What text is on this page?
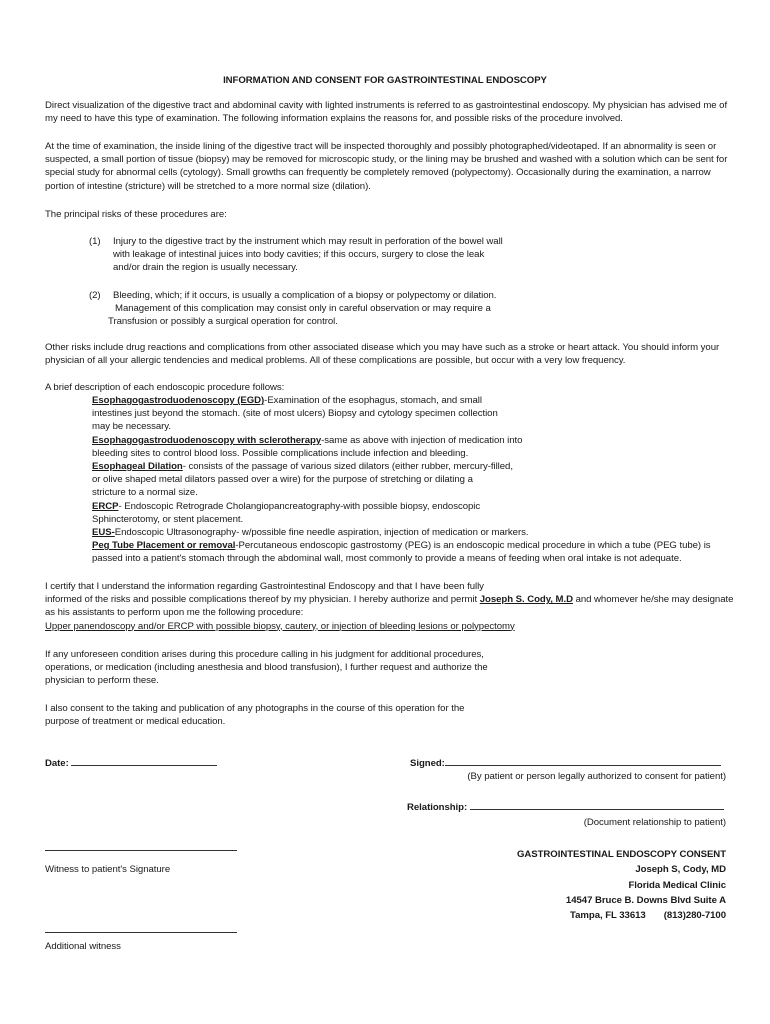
INFORMATION AND CONSENT FOR GASTROINTESTINAL ENDOSCOPY
Direct visualization of the digestive tract and abdominal cavity with lighted instruments is referred to as gastrointestinal endoscopy. My physician has advised me of
my need to have this type of examination. The following information explains the reasons for, and possible risks of the procedure involved.
At the time of examination, the inside lining of the digestive tract will be inspected thoroughly and possibly photographed/videotaped. If an abnormality is seen or
suspected, a small portion of tissue (biopsy) may be removed for microscopic study, or the lining may be brushed and washed with a solution which can be sent for
special study for abnormal cells (cytology). Small growths can frequently be completely removed (polypectomy). Occasionally during the examination, a narrow
portion of intestine (stricture) will be stretched to a more normal size (dilation).
The principal risks of these procedures are:
(1) Injury to the digestive tract by the instrument which may result in perforation of the bowel wall
with leakage of intestinal juices into body cavities; if this occurs, surgery to close the leak
and/or drain the region is usually necessary.
(2) Bleeding, which; if it occurs, is usually a complication of a biopsy or polypectomy or dilation.
Management of this complication may consist only in careful observation or may require a
Transfusion or possibly a surgical operation for control.
Other risks include drug reactions and complications from other associated disease which you may have such as a stroke or heart attack. You should inform your
physician of all your allergic tendencies and medical problems. All of these complications are possible, but occur with a very low frequency.
A brief description of each endoscopic procedure follows:
Esophagogastroduodenoscopy (EGD)-Examination of the esophagus, stomach, and small
intestines just beyond the stomach. (site of most ulcers) Biopsy and cytology specimen collection
may be necessary.
Esophagogastroduodenoscopy with sclerotherapy-same as above with injection of medication into
bleeding sites to control blood loss. Possible complications include infection and bleeding.
Esophageal Dilation- consists of the passage of various sized dilators (either rubber, mercury-filled,
or olive shaped metal dilators passed over a wire) for the purpose of stretching or dilating a
stricture to a normal size.
ERCP- Endoscopic Retrograde Cholangiopancreatography-with possible biopsy, endoscopic
Sphincterotomy, or stent placement.
EUS-Endoscopic Ultrasonography- w/possible fine needle aspiration, injection of medication or markers.
Peg Tube Placement or removal-Percutaneous endoscopic gastrostomy (PEG) is an endoscopic medical procedure in which a tube (PEG tube) is
passed into a patient's stomach through the abdominal wall, most commonly to provide a means of feeding when oral intake is not adequate.
I certify that I understand the information regarding Gastrointestinal Endoscopy and that I have been fully
informed of the risks and possible complications thereof by my physician. I hereby authorize and permit Joseph S. Cody, M.D and whomever he/she may designate
as his assistants to perform upon me the following procedure:
Upper panendoscopy and/or ERCP with possible biopsy, cautery, or injection of bleeding lesions or polypectomy
If any unforeseen condition arises during this procedure calling in his judgment for additional procedures,
operations, or medication (including anesthesia and blood transfusion), I further request and authorize the
physician to perform these.
I also consent to the taking and publication of any photographs in the course of this operation for the
purpose of treatment or medical education.
Date:	Signed:
(By patient or person legally authorized to consent for patient)
Relationship:
(Document relationship to patient)
Witness to patient's Signature
Additional witness
GASTROINTESTINAL ENDOSCOPY CONSENT
Joseph S, Cody, MD
Florida Medical Clinic
14547 Bruce B. Downs Blvd Suite A
Tampa, FL 33613 (813)280-7100
